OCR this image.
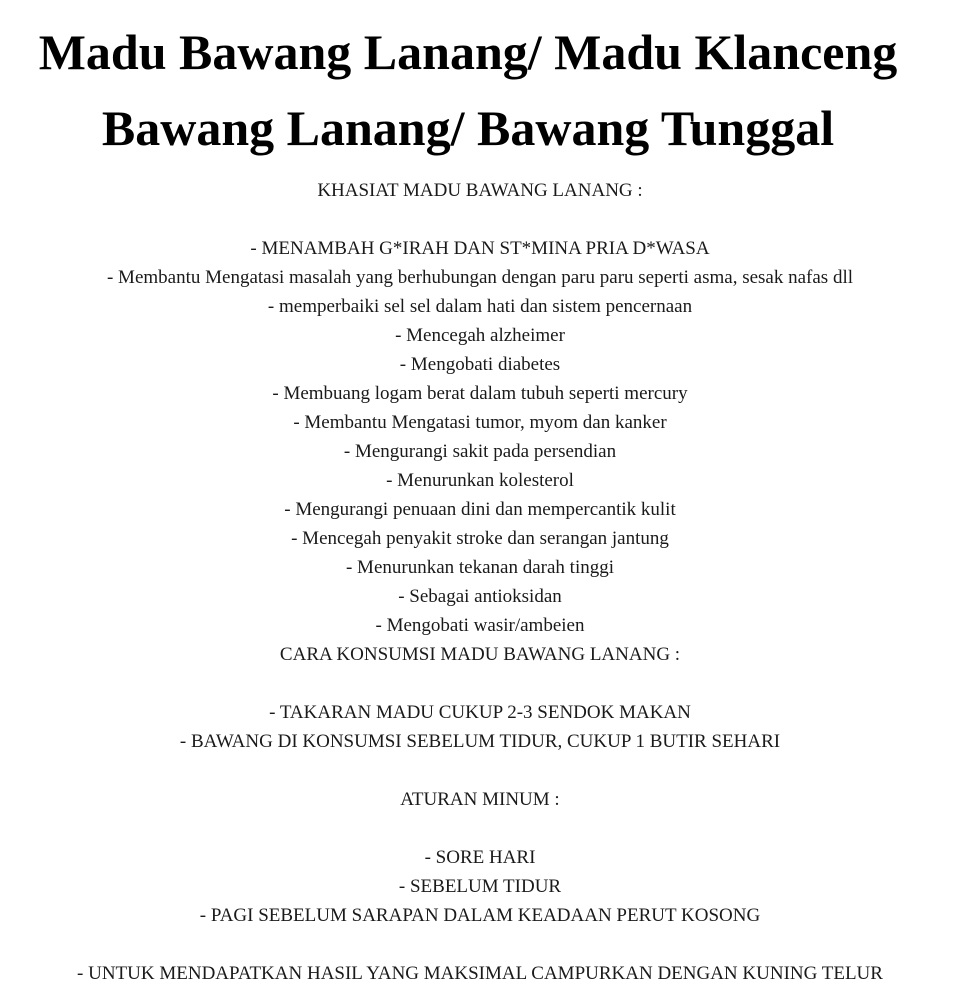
Madu Bawang Lanang/ Madu Klanceng
Bawang Lanang/ Bawang Tunggal
KHASIAT MADU BAWANG LANANG :
- MENAMBAH G*IRAH DAN ST*MINA PRIA D*WASA
- Membantu Mengatasi masalah yang berhubungan dengan paru paru seperti asma, sesak nafas dll
- memperbaiki sel sel dalam hati dan sistem pencernaan
- Mencegah alzheimer
- Mengobati diabetes
- Membuang logam berat dalam tubuh seperti mercury
- Membantu Mengatasi tumor, myom dan kanker
- Mengurangi sakit pada persendian
- Menurunkan kolesterol
- Mengurangi penuaan dini dan mempercantik kulit
- Mencegah penyakit stroke dan serangan jantung
- Menurunkan tekanan darah tinggi
- Sebagai antioksidan
- Mengobati wasir/ambeien
CARA KONSUMSI MADU BAWANG LANANG :
- TAKARAN MADU CUKUP 2-3 SENDOK MAKAN
- BAWANG DI KONSUMSI SEBELUM TIDUR, CUKUP 1 BUTIR SEHARI
ATURAN MINUM :
- SORE HARI
- SEBELUM TIDUR
- PAGI SEBELUM SARAPAN DALAM KEADAAN PERUT KOSONG
- UNTUK MENDAPATKAN HASIL YANG MAKSIMAL CAMPURKAN DENGAN KUNING TELUR
